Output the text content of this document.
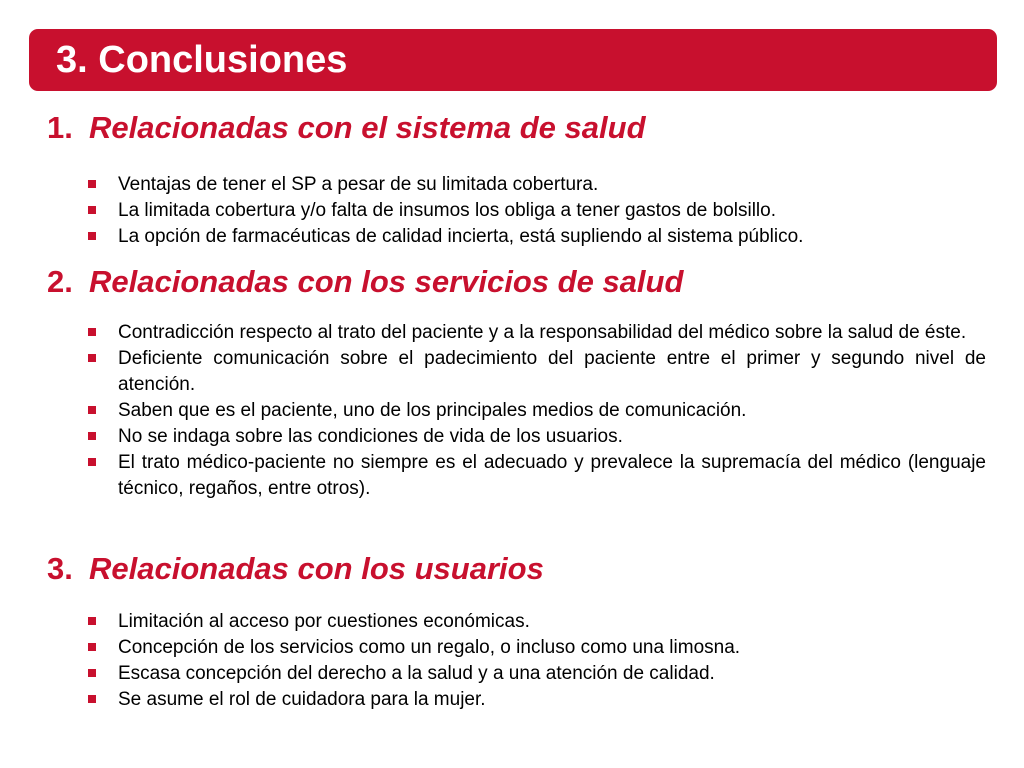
3. Conclusiones
1. Relacionadas con el sistema de salud
Ventajas de tener el SP a pesar de su limitada cobertura.
La limitada cobertura y/o falta de insumos los obliga a tener gastos de bolsillo.
La opción de farmacéuticas de calidad incierta, está supliendo al sistema público.
2. Relacionadas con los servicios de salud
Contradicción respecto al trato del paciente y a la responsabilidad del médico sobre la salud de éste.
Deficiente comunicación sobre el padecimiento del paciente entre el primer y segundo nivel de atención.
Saben que es el paciente, uno de los principales medios de comunicación.
No se indaga sobre las condiciones de vida de los usuarios.
El trato médico-paciente no siempre es el adecuado y prevalece la supremacía del médico (lenguaje técnico, regaños, entre otros).
3. Relacionadas con los usuarios
Limitación al acceso por cuestiones económicas.
Concepción de los servicios como un regalo, o incluso como una limosna.
Escasa concepción del derecho a la salud y a una atención de calidad.
Se asume el rol de cuidadora para la mujer.
